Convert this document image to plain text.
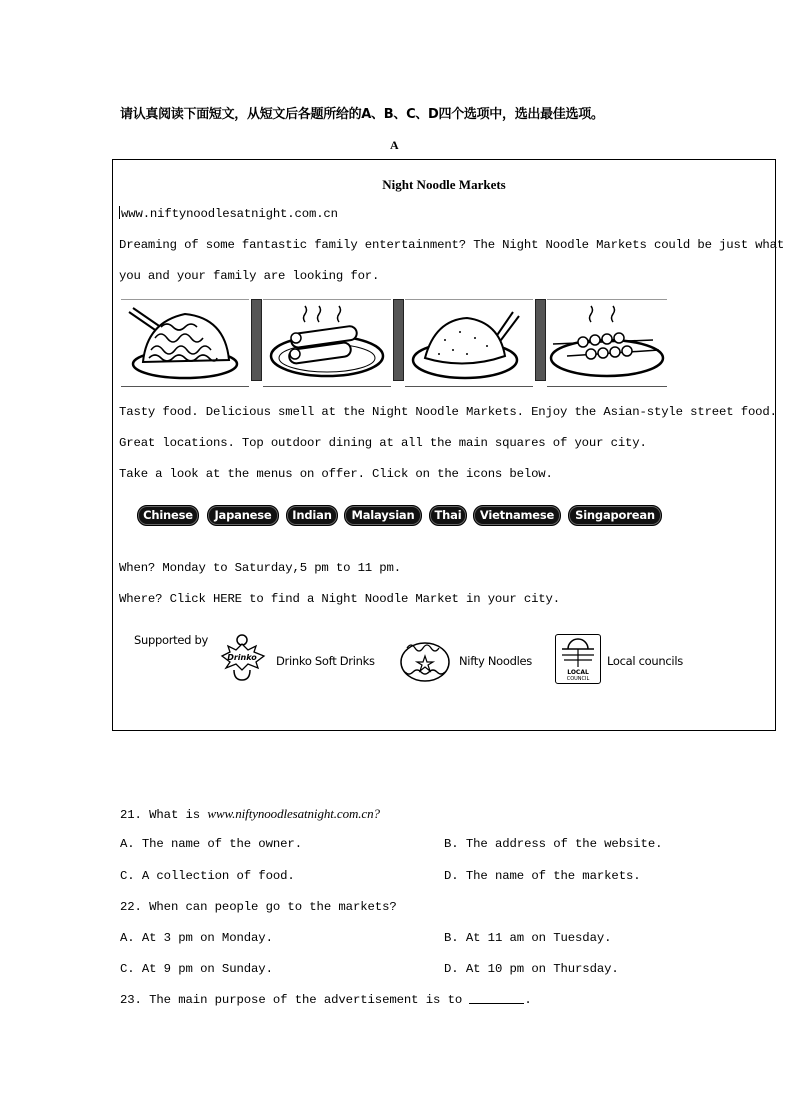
请认真阅读下面短文，从短文后各题所给的A、B、C、D四个选项中，选出最佳选项。
A
Night Noodle Markets
www.niftynoodlesatnight.com.cn
Dreaming of some fantastic family entertainment? The Night Noodle Markets could be just what
you and your family are looking for.
Tasty food. Delicious smell at the Night Noodle Markets. Enjoy the Asian-style street food.
Great locations. Top outdoor dining at all the main squares of your city.
Take a look at the menus on offer. Click on the icons below.
Chinese	Japanese	Indian	Malaysian	Thai	Vietnamese	Singaporean
When? Monday to Saturday,5 pm to 11 pm.
Where? Click HERE to find a Night Noodle Market in your city.
Supported by
Drinko Drinko Soft Drinks	Nifty Noodles
LOCAL
COUNCIL
Local councils
21. What is www.niftynoodlesatnight.com.cn?
A. The name of the owner.	B. The address of the website.
C. A collection of food.	D. The name of the markets.
22. When can people go to the markets?
A. At 3 pm on Monday.	B. At 11 am on Tuesday.
C. At 9 pm on Sunday.	D. At 10 pm on Thursday.
23. The main purpose of the advertisement is to	.
